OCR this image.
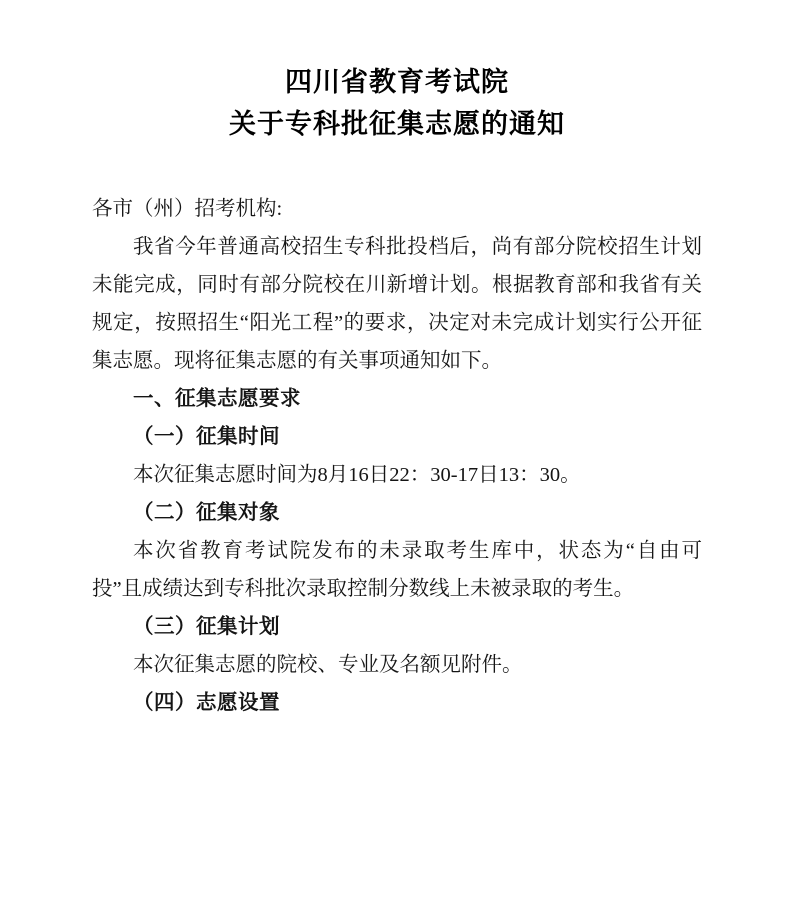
四川省教育考试院
关于专科批征集志愿的通知

各市（州）招考机构:

我省今年普通高校招生专科批投档后，尚有部分院校招生计划未能完成，同时有部分院校在川新增计划。根据教育部和我省有关规定，按照招生“阳光工程”的要求，决定对未完成计划实行公开征集志愿。现将征集志愿的有关事项通知如下。

一、征集志愿要求

（一）征集时间

本次征集志愿时间为8月16日22：30-17日13：30。

（二）征集对象

本次省教育考试院发布的未录取考生库中，状态为“自由可投”且成绩达到专科批次录取控制分数线上未被录取的考生。

（三）征集计划

本次征集志愿的院校、专业及名额见附件。

（四）志愿设置
